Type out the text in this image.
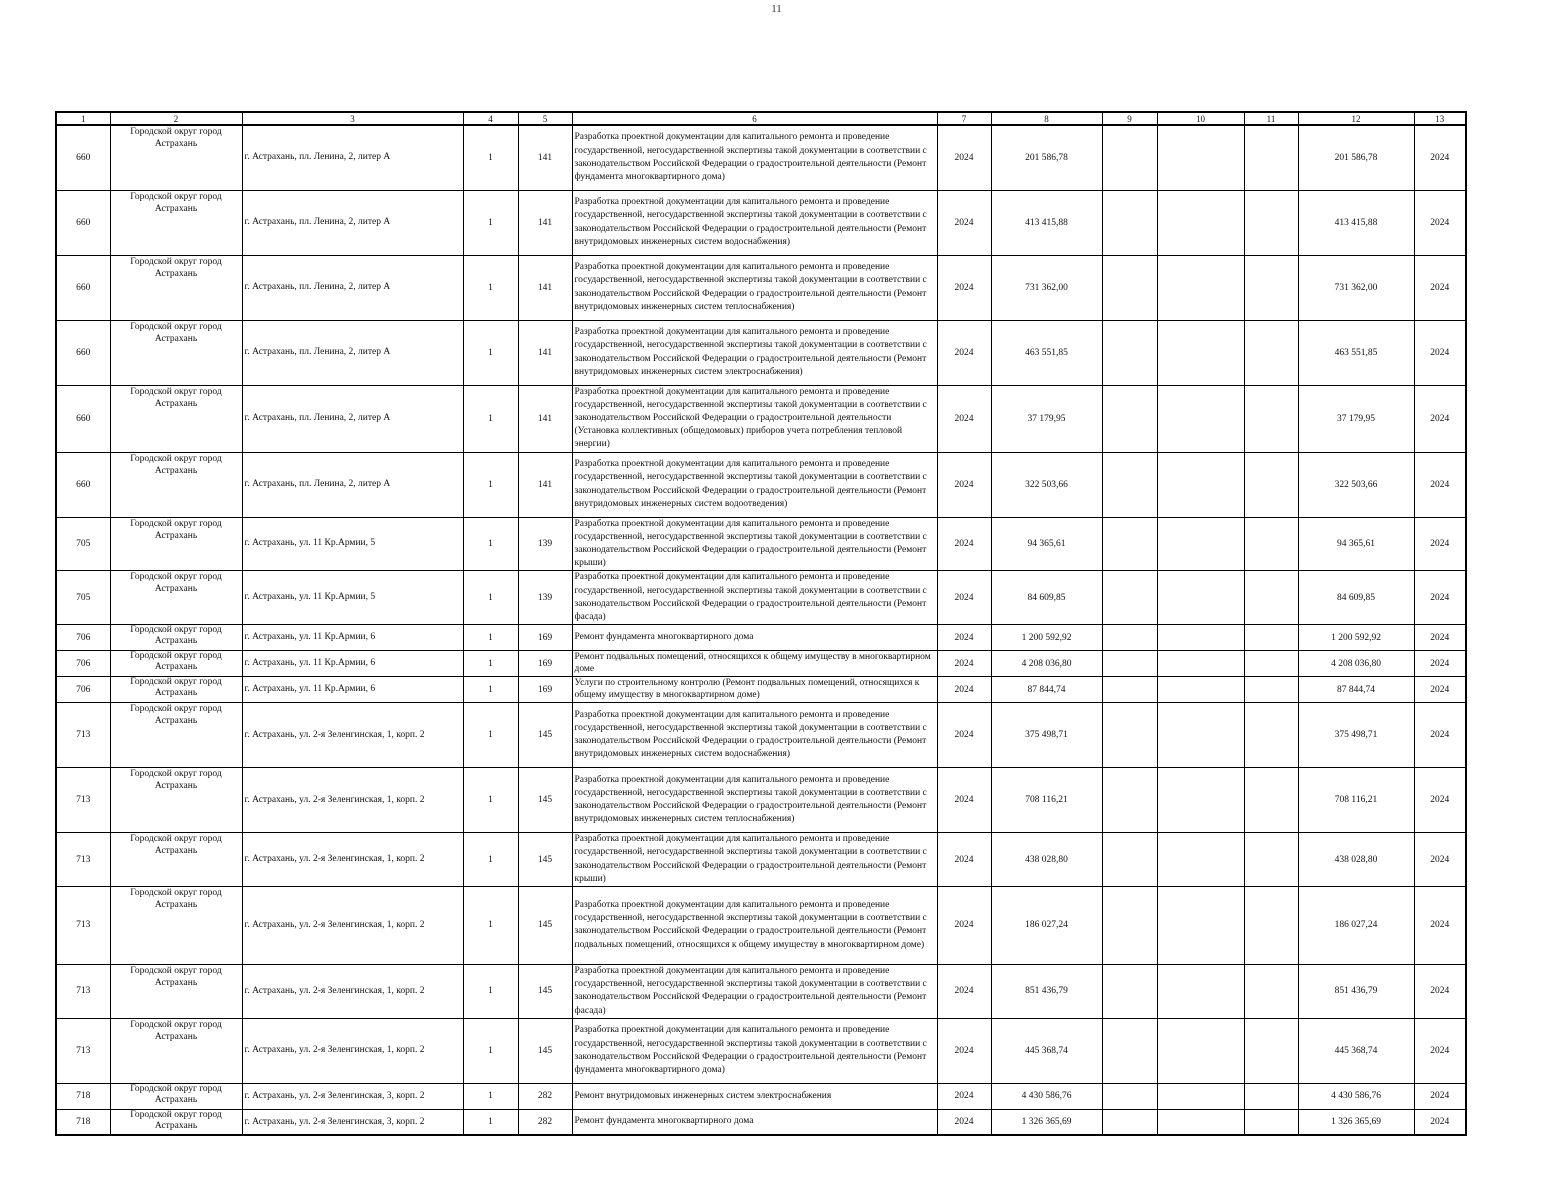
11
1	2	3	4	5	6	7	8	9	10	11	12	13
660	Городской округ город Астрахань	г. Астрахань, пл. Ленина, 2, литер А	1	141	Разработка проектной документации для капитального ремонта и проведение государственной, негосударственной экспертизы такой документации в соответствии с законодательством Российской Федерации о градостроительной деятельности (Ремонт фундамента многоквартирного дома)	2024	201 586,78				201 586,78	2024
660	Городской округ город Астрахань	г. Астрахань, пл. Ленина, 2, литер А	1	141	Разработка проектной документации для капитального ремонта и проведение государственной, негосударственной экспертизы такой документации в соответствии с законодательством Российской Федерации о градостроительной деятельности (Ремонт внутридомовых инженерных систем водоснабжения)	2024	413 415,88				413 415,88	2024
660	Городской округ город Астрахань	г. Астрахань, пл. Ленина, 2, литер А	1	141	Разработка проектной документации для капитального ремонта и проведение государственной, негосударственной экспертизы такой документации в соответствии с законодательством Российской Федерации о градостроительной деятельности (Ремонт внутридомовых инженерных систем теплоснабжения)	2024	731 362,00				731 362,00	2024
660	Городской округ город Астрахань	г. Астрахань, пл. Ленина, 2, литер А	1	141	Разработка проектной документации для капитального ремонта и проведение государственной, негосударственной экспертизы такой документации в соответствии с законодательством Российской Федерации о градостроительной деятельности (Ремонт внутридомовых инженерных систем электроснабжения)	2024	463 551,85				463 551,85	2024
660	Городской округ город Астрахань	г. Астрахань, пл. Ленина, 2, литер А	1	141	Разработка проектной документации для капитального ремонта и проведение государственной, негосударственной экспертизы такой документации в соответствии с законодательством Российской Федерации о градостроительной деятельности (Установка коллективных (общедомовых) приборов учета потребления тепловой энергии)	2024	37 179,95				37 179,95	2024
660	Городской округ город Астрахань	г. Астрахань, пл. Ленина, 2, литер А	1	141	Разработка проектной документации для капитального ремонта и проведение государственной, негосударственной экспертизы такой документации в соответствии с законодательством Российской Федерации о градостроительной деятельности (Ремонт внутридомовых инженерных систем водоотведения)	2024	322 503,66				322 503,66	2024
705	Городской округ город Астрахань	г. Астрахань, ул. 11 Кр.Армии, 5	1	139	Разработка проектной документации для капитального ремонта и проведение государственной, негосударственной экспертизы такой документации в соответствии с законодательством Российской Федерации о градостроительной деятельности (Ремонт крыши)	2024	94 365,61				94 365,61	2024
705	Городской округ город Астрахань	г. Астрахань, ул. 11 Кр.Армии, 5	1	139	Разработка проектной документации для капитального ремонта и проведение государственной, негосударственной экспертизы такой документации в соответствии с законодательством Российской Федерации о градостроительной деятельности (Ремонт фасада)	2024	84 609,85				84 609,85	2024
706	Городской округ город Астрахань	г. Астрахань, ул. 11 Кр.Армии, 6	1	169	Ремонт фундамента многоквартирного дома	2024	1 200 592,92				1 200 592,92	2024
706	Городской округ город Астрахань	г. Астрахань, ул. 11 Кр.Армии, 6	1	169	Ремонт подвальных помещений, относящихся к общему имуществу в многоквартирном доме	2024	4 208 036,80				4 208 036,80	2024
706	Городской округ город Астрахань	г. Астрахань, ул. 11 Кр.Армии, 6	1	169	Услуги по строительному контролю (Ремонт подвальных помещений, относящихся к общему имуществу в многоквартирном доме)	2024	87 844,74				87 844,74	2024
713	Городской округ город Астрахань	г. Астрахань, ул. 2-я Зеленгинская, 1, корп. 2	1	145	Разработка проектной документации для капитального ремонта и проведение государственной, негосударственной экспертизы такой документации в соответствии с законодательством Российской Федерации о градостроительной деятельности (Ремонт внутридомовых инженерных систем водоснабжения)	2024	375 498,71				375 498,71	2024
713	Городской округ город Астрахань	г. Астрахань, ул. 2-я Зеленгинская, 1, корп. 2	1	145	Разработка проектной документации для капитального ремонта и проведение государственной, негосударственной экспертизы такой документации в соответствии с законодательством Российской Федерации о градостроительной деятельности (Ремонт внутридомовых инженерных систем теплоснабжения)	2024	708 116,21				708 116,21	2024
713	Городской округ город Астрахань	г. Астрахань, ул. 2-я Зеленгинская, 1, корп. 2	1	145	Разработка проектной документации для капитального ремонта и проведение государственной, негосударственной экспертизы такой документации в соответствии с законодательством Российской Федерации о градостроительной деятельности (Ремонт крыши)	2024	438 028,80				438 028,80	2024
713	Городской округ город Астрахань	г. Астрахань, ул. 2-я Зеленгинская, 1, корп. 2	1	145	Разработка проектной документации для капитального ремонта и проведение государственной, негосударственной экспертизы такой документации в соответствии с законодательством Российской Федерации о градостроительной деятельности (Ремонт подвальных помещений, относящихся к общему имуществу в многоквартирном доме)	2024	186 027,24				186 027,24	2024
713	Городской округ город Астрахань	г. Астрахань, ул. 2-я Зеленгинская, 1, корп. 2	1	145	Разработка проектной документации для капитального ремонта и проведение государственной, негосударственной экспертизы такой документации в соответствии с законодательством Российской Федерации о градостроительной деятельности (Ремонт фасада)	2024	851 436,79				851 436,79	2024
713	Городской округ город Астрахань	г. Астрахань, ул. 2-я Зеленгинская, 1, корп. 2	1	145	Разработка проектной документации для капитального ремонта и проведение государственной, негосударственной экспертизы такой документации в соответствии с законодательством Российской Федерации о градостроительной деятельности (Ремонт фундамента многоквартирного дома)	2024	445 368,74				445 368,74	2024
718	Городской округ город Астрахань	г. Астрахань, ул. 2-я Зеленгинская, 3, корп. 2	1	282	Ремонт внутридомовых инженерных систем электроснабжения	2024	4 430 586,76				4 430 586,76	2024
718	Городской округ город Астрахань	г. Астрахань, ул. 2-я Зеленгинская, 3, корп. 2	1	282	Ремонт фундамента многоквартирного дома	2024	1 326 365,69				1 326 365,69	2024
